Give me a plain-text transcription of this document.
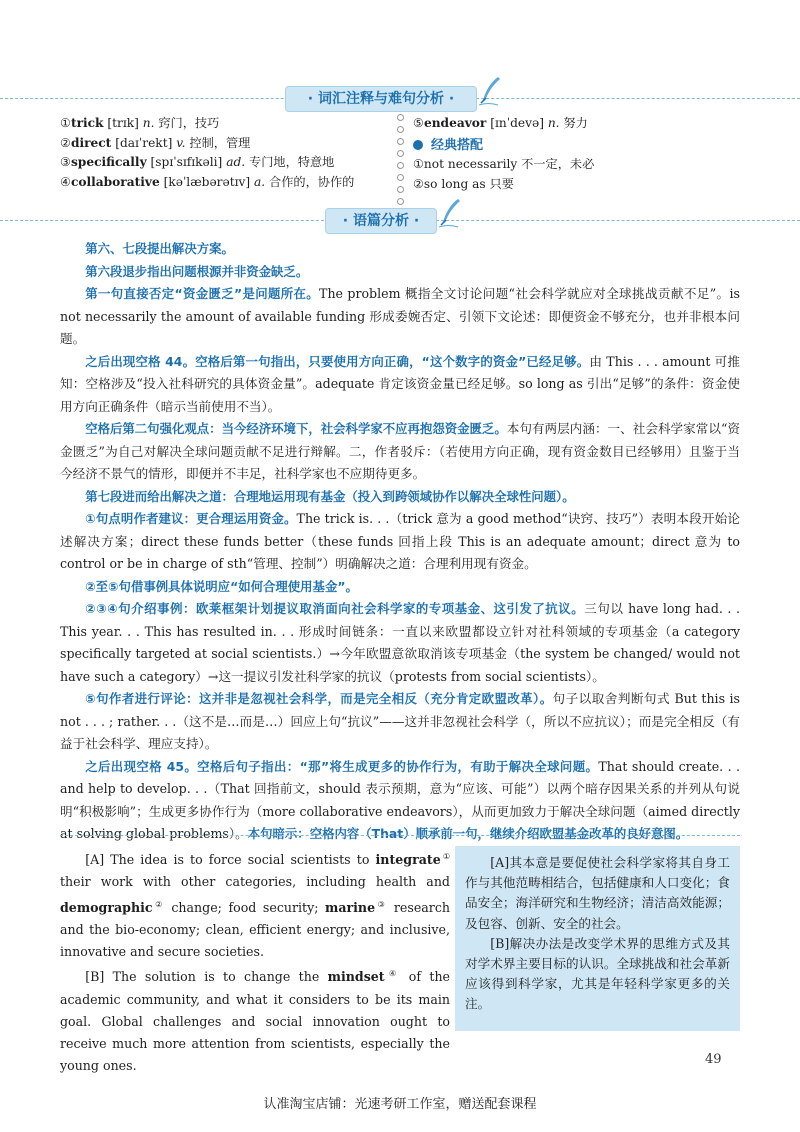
· 词汇注释与难句分析 ·
①trick [trɪk] n. 窍门，技巧
②direct [daɪˈrekt] v. 控制，管理
③specifically [spɪˈsɪfɪkəli] ad. 专门地，特意地
④collaborative [kəˈlæbərətɪv] a. 合作的，协作的
⑤endeavor [ɪnˈdevə] n. 努力
经典搭配
①not necessarily 不一定，未必
②so long as 只要
· 语篇分析 ·

第六、七段提出解决方案。

第六段退步指出问题根源并非资金缺乏。

第一句直接否定“资金匮乏”是问题所在。The problem 概指全文讨论问题“社会科学就应对全球挑战贡献不足”。is not necessarily the amount of available funding 形成委婉否定、引领下文论述：即便资金不够充分，也并非根本问题。

之后出现空格 44。空格后第一句指出，只要使用方向正确，“这个数字的资金”已经足够。由 This . . . amount 可推知：空格涉及“投入社科研究的具体资金量”。adequate 肯定该资金量已经足够。so long as 引出“足够”的条件：资金使用方向正确条件（暗示当前使用不当）。

空格后第二句强化观点：当今经济环境下，社会科学家不应再抱怨资金匮乏。本句有两层内涵：一、社会科学家常以“资金匮乏”为自己对解决全球问题贡献不足进行辩解。二，作者驳斥：（若使用方向正确，现有资金数目已经够用）且鉴于当今经济不景气的情形，即便并不丰足，社科学家也不应期待更多。

第七段进而给出解决之道：合理地运用现有基金（投入到跨领域协作以解决全球性问题）。

①句点明作者建议：更合理运用资金。The trick is. . .（trick 意为 a good method“诀窍、技巧”）表明本段开始论述解决方案；direct these funds better（these funds 回指上段 This is an adequate amount；direct 意为 to control or be in charge of sth“管理、控制”）明确解决之道：合理利用现有资金。

②至⑤句借事例具体说明应“如何合理使用基金”。

②③④句介绍事例：欧莱框架计划提议取消面向社会科学家的专项基金、这引发了抗议。三句以 have long had. . . This year. . . This has resulted in. . . 形成时间链条：一直以来欧盟都设立针对社科领域的专项基金（a category specifically targeted at social scientists.）→今年欧盟意欲取消该专项基金（the system be changed/ would not have such a category）→这一提议引发社科学家的抗议（protests from social scientists）。

⑤句作者进行评论：这并非是忽视社会科学，而是完全相反（充分肯定欧盟改革）。句子以取舍判断句式 But this is not . . . ; rather. . .（这不是…而是…）回应上句“抗议”——这并非忽视社会科学（，所以不应抗议）；而是完全相反（有益于社会科学、理应支持）。

之后出现空格 45。空格后句子指出：“那”将生成更多的协作行为，有助于解决全球问题。That should create. . . and help to develop. . .（That 回指前文，should 表示预期，意为“应该、可能”）以两个暗存因果关系的并列从句说明“积极影响”；生成更多协作行为（more collaborative endeavors），从而更加致力于解决全球问题（aimed directly at solving global problems）。本句暗示：空格内容（That）顺承前一句，继续介绍欧盟基金改革的良好意图。

[A] The idea is to force social scientists to integrate① their work with other categories, including health and demographic② change; food security; marine③ research and the bio-economy; clean, efficient energy; and inclusive, innovative and secure societies.

[B] The solution is to change the mindset④ of the academic community, and what it considers to be its main goal. Global challenges and social innovation ought to receive much more attention from scientists, especially the young ones.

[A]其本意是要促使社会科学家将其自身工作与其他范畴相结合，包括健康和人口变化；食品安全；海洋研究和生物经济；清洁高效能源；及包容、创新、安全的社会。

[B]解决办法是改变学术界的思维方式及其对学术界主要目标的认识。全球挑战和社会革新应该得到科学家，尤其是年轻科学家更多的关注。

49
认准淘宝店铺：光速考研工作室，赠送配套课程
